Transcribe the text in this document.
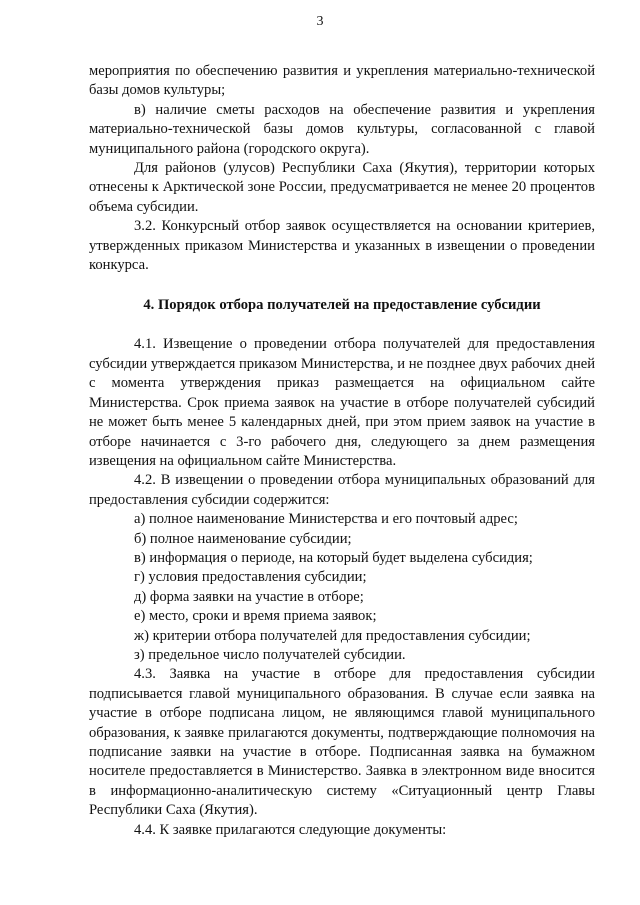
3

мероприятия по обеспечению развития и укрепления материально-технической базы домов культуры;

в) наличие сметы расходов на обеспечение развития и укрепления материально-технической базы домов культуры, согласованной с главой муниципального района (городского округа).

Для районов (улусов) Республики Саха (Якутия), территории которых отнесены к Арктической зоне России, предусматривается не менее 20 процентов объема субсидии.

3.2. Конкурсный отбор заявок осуществляется на основании критериев, утвержденных приказом Министерства и указанных в извещении о проведении конкурса.

4. Порядок отбора получателей на предоставление субсидии

4.1. Извещение о проведении отбора получателей для предоставления субсидии утверждается приказом Министерства, и не позднее двух рабочих дней с момента утверждения приказ размещается на официальном сайте Министерства. Срок приема заявок на участие в отборе получателей субсидий не может быть менее 5 календарных дней, при этом прием заявок на участие в отборе начинается с 3-го рабочего дня, следующего за днем размещения извещения на официальном сайте Министерства.

4.2. В извещении о проведении отбора муниципальных образований для предоставления субсидии содержится:

а) полное наименование Министерства и его почтовый адрес;

б) полное наименование субсидии;

в) информация о периоде, на который будет выделена субсидия;

г) условия предоставления субсидии;

д) форма заявки на участие в отборе;

е) место, сроки и время приема заявок;

ж) критерии отбора получателей для предоставления субсидии;

з) предельное число получателей субсидии.

4.3. Заявка на участие в отборе для предоставления субсидии подписывается главой муниципального образования. В случае если заявка на участие в отборе подписана лицом, не являющимся главой муниципального образования, к заявке прилагаются документы, подтверждающие полномочия на подписание заявки на участие в отборе. Подписанная заявка на бумажном носителе предоставляется в Министерство. Заявка в электронном виде вносится в информационно-аналитическую систему «Ситуационный центр Главы Республики Саха (Якутия).

4.4. К заявке прилагаются следующие документы:
